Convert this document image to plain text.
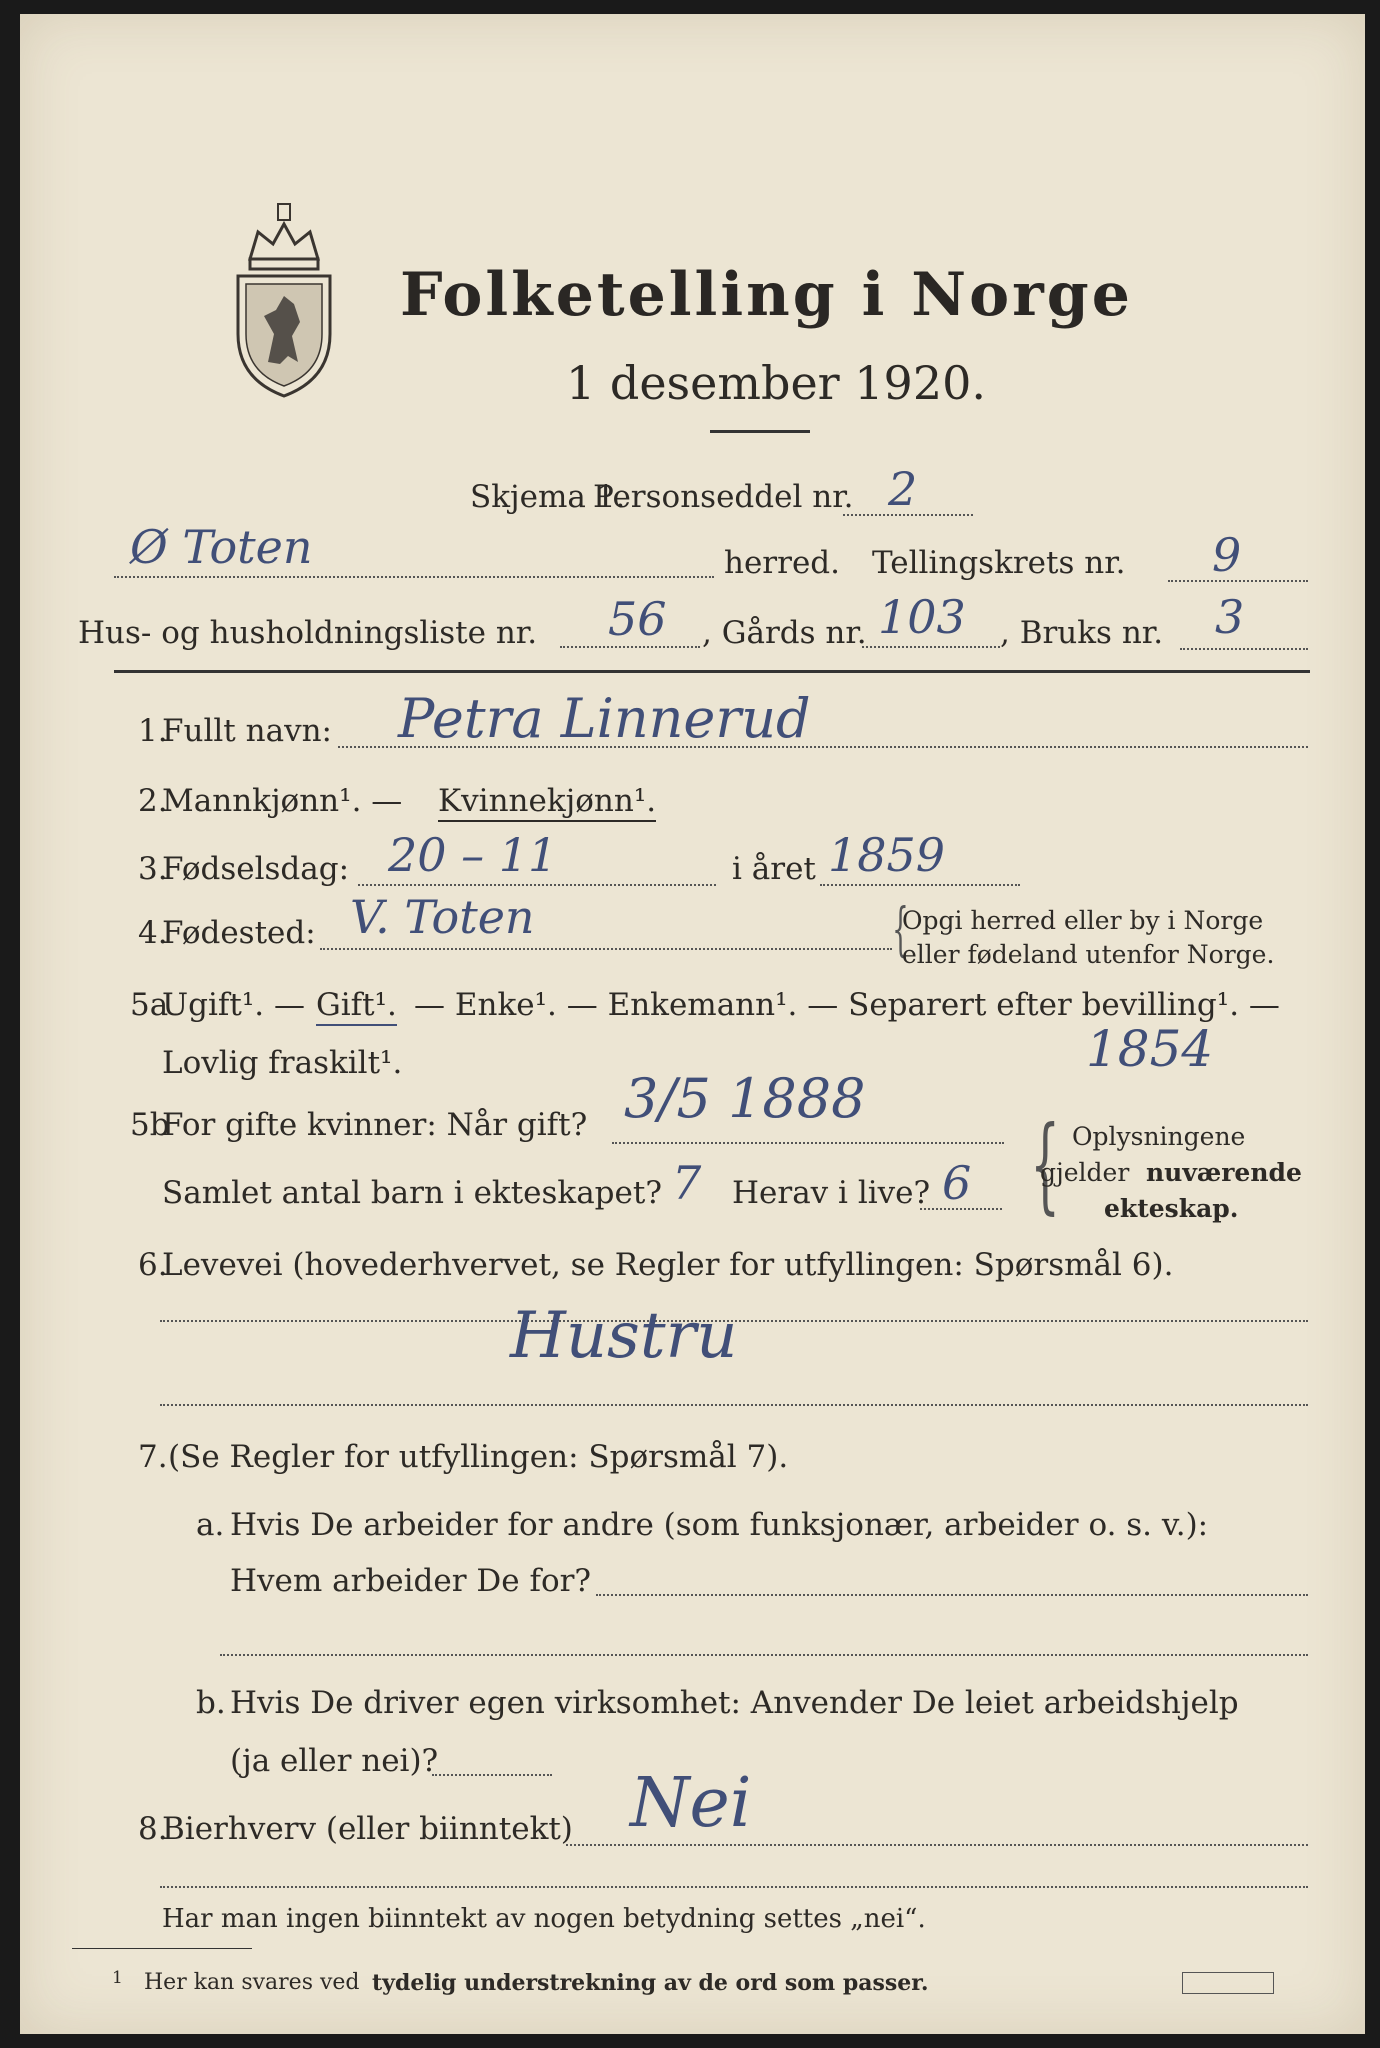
Folketelling i Norge
1 desember 1920.
Skjema 1.
Personseddel nr. 2
Ø Toten	herred. Tellingskrets nr. 9
Hus- og husholdningsliste nr. 56 , Gårds nr. 103 , Bruks nr. 3
1.
Fullt navn: Petra Linnerud
2.
Mannkjønn¹. — Kvinnekjønn¹.
3.
Fødselsdag: 20 – 11	i året 1859
4.
Fødested: V. Toten	{
Opgi herred eller by i Norge
eller fødeland utenfor Norge.
5a
Ugift¹. — Gift¹. — Enke¹. — Enkemann¹. — Separert efter bevilling¹. —
Lovlig fraskilt¹.	1854
5b
For gifte kvinner: Når gift? 3/5 1888
Samlet antal barn i ekteskapet? 7 Herav i live? 6 { Oplysningene
gjelder nuværende
ekteskap.
6.
Levevei (hovederhvervet, se Regler for utfyllingen: Spørsmål 6).
Hustru
7. (Se Regler for utfyllingen: Spørsmål 7).
a. Hvis De arbeider for andre (som funksjonær, arbeider o. s. v.):
Hvem arbeider De for?
b. Hvis De driver egen virksomhet: Anvender De leiet arbeidshjelp
(ja eller nei)?
8.
Bierhverv (eller biinntekt) Nei
Har man ingen biinntekt av nogen betydning settes „nei“.
1 Her kan svares ved tydelig understrekning av de ord som passer.
